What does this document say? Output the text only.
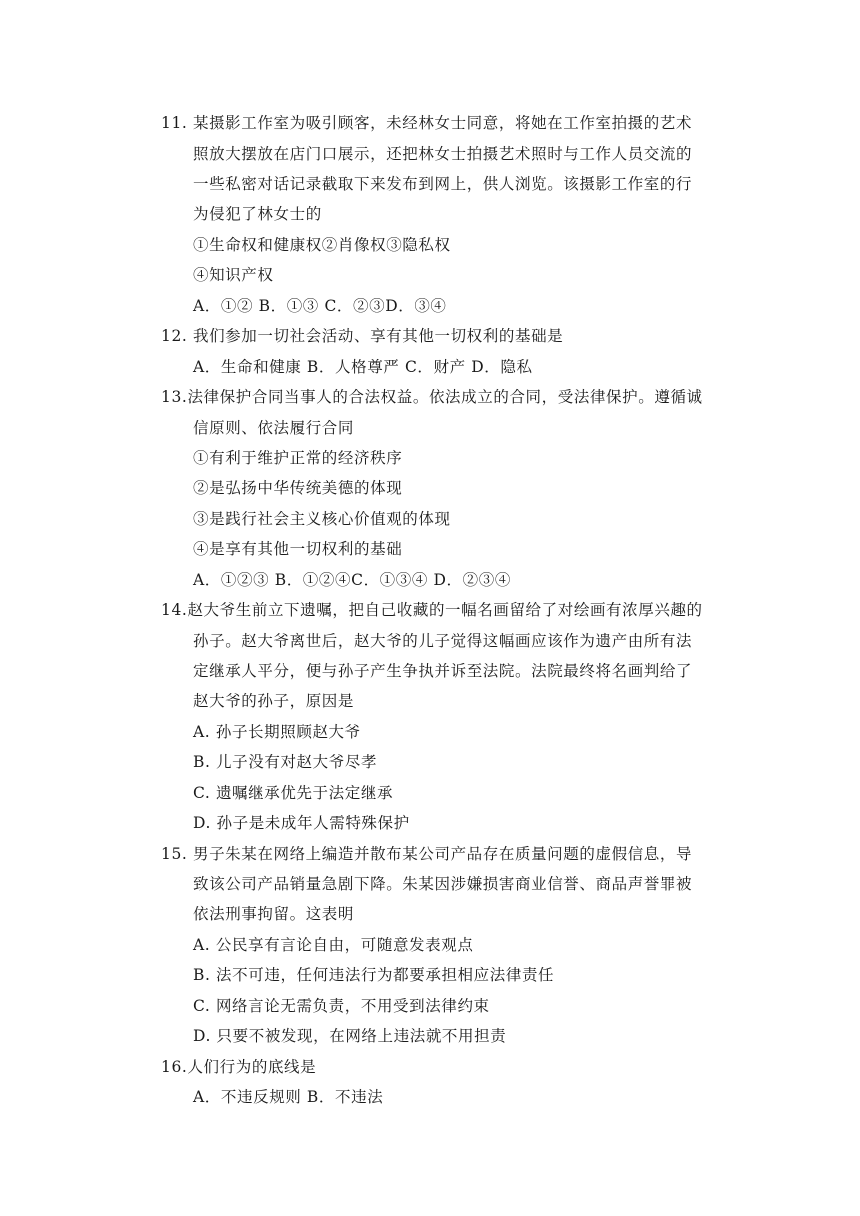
11. 某摄影工作室为吸引顾客，未经林女士同意，将她在工作室拍摄的艺术
照放大摆放在店门口展示，还把林女士拍摄艺术照时与工作人员交流的
一些私密对话记录截取下来发布到网上，供人浏览。该摄影工作室的行
为侵犯了林女士的
①生命权和健康权②肖像权③隐私权
④知识产权
A．①② B．①③ C．②③D．③④
12. 我们参加一切社会活动、享有其他一切权利的基础是
A．生命和健康 B．人格尊严 C．财产 D．隐私
13.法律保护合同当事人的合法权益。依法成立的合同，受法律保护。遵循诚
信原则、依法履行合同
①有利于维护正常的经济秩序
②是弘扬中华传统美德的体现
③是践行社会主义核心价值观的体现
④是享有其他一切权利的基础
A．①②③ B．①②④C．①③④ D．②③④
14.赵大爷生前立下遗嘱，把自己收藏的一幅名画留给了对绘画有浓厚兴趣的
孙子。赵大爷离世后，赵大爷的儿子觉得这幅画应该作为遗产由所有法
定继承人平分，便与孙子产生争执并诉至法院。法院最终将名画判给了
赵大爷的孙子，原因是
A. 孙子长期照顾赵大爷
B. 儿子没有对赵大爷尽孝
C. 遗嘱继承优先于法定继承
D. 孙子是未成年人需特殊保护
15. 男子朱某在网络上编造并散布某公司产品存在质量问题的虚假信息，导
致该公司产品销量急剧下降。朱某因涉嫌损害商业信誉、商品声誉罪被
依法刑事拘留。这表明
A. 公民享有言论自由，可随意发表观点
B. 法不可违，任何违法行为都要承担相应法律责任
C. 网络言论无需负责，不用受到法律约束
D. 只要不被发现，在网络上违法就不用担责
16.人们行为的底线是
A．不违反规则 B．不违法
